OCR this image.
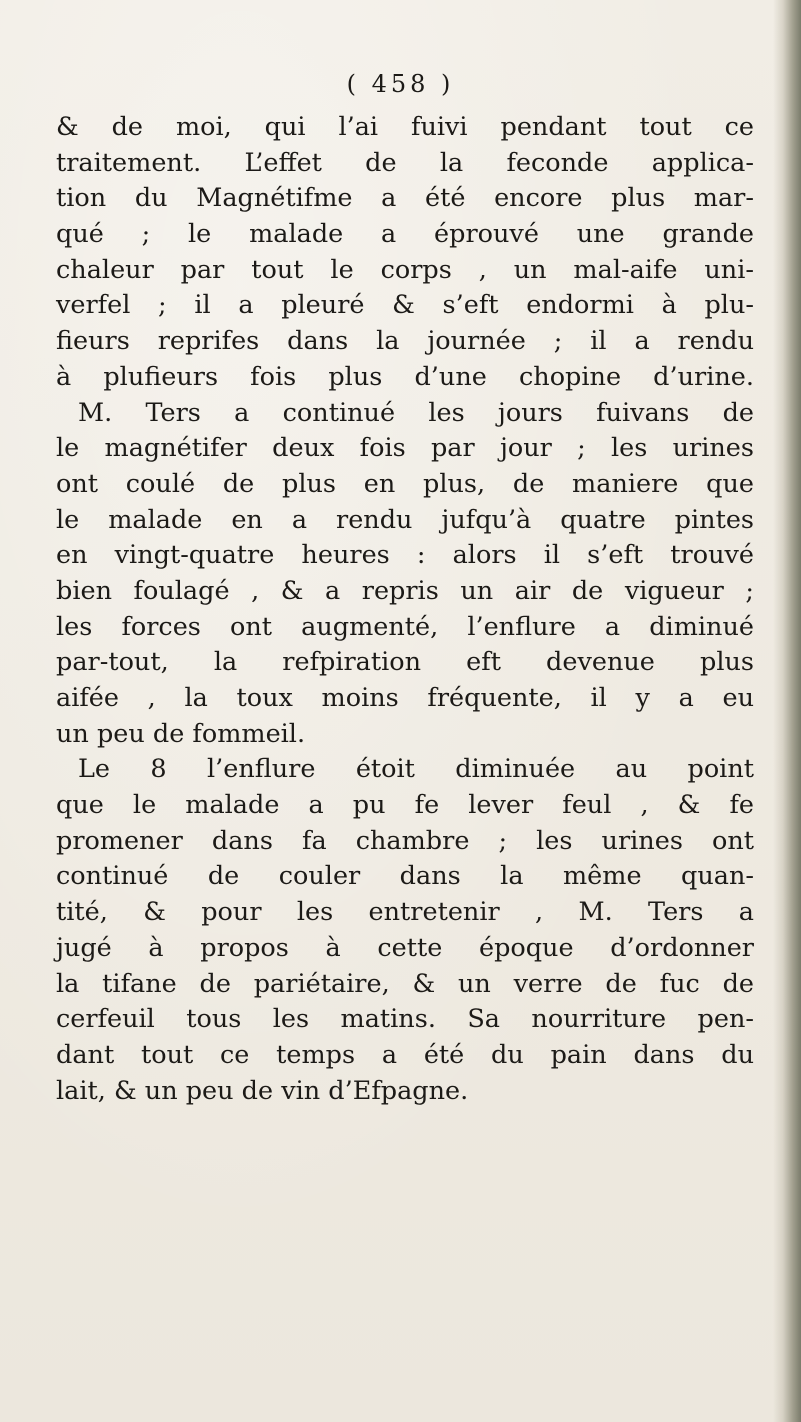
( 458 )
& de moi, qui l’ai fuivi pendant tout ce
traitement. L’effet de la feconde applica-
tion du Magnétifme a été encore plus mar-
qué ; le malade a éprouvé une grande
chaleur par tout le corps , un mal-aife uni-
verfel ; il a pleuré & s’eft endormi à plu-
fieurs reprifes dans la journée ; il a rendu
à plufieurs fois plus d’une chopine d’urine.
M. Ters a continué les jours fuivans de
le magnétifer deux fois par jour ; les urines
ont coulé de plus en plus, de maniere que
le malade en a rendu jufqu’à quatre pintes
en vingt-quatre heures : alors il s’eft trouvé
bien foulagé , & a repris un air de vigueur ;
les forces ont augmenté, l’enflure a diminué
par-tout, la refpiration eft devenue plus
aifée , la toux moins fréquente, il y a eu
un peu de fommeil.
Le 8 l’enflure étoit diminuée au point
que le malade a pu fe lever feul , & fe
promener dans fa chambre ; les urines ont
continué de couler dans la même quan-
tité, & pour les entretenir , M. Ters a
jugé à propos à cette époque d’ordonner
la tifane de pariétaire, & un verre de fuc de
cerfeuil tous les matins. Sa nourriture pen-
dant tout ce temps a été du pain dans du
lait, & un peu de vin d’Efpagne.
